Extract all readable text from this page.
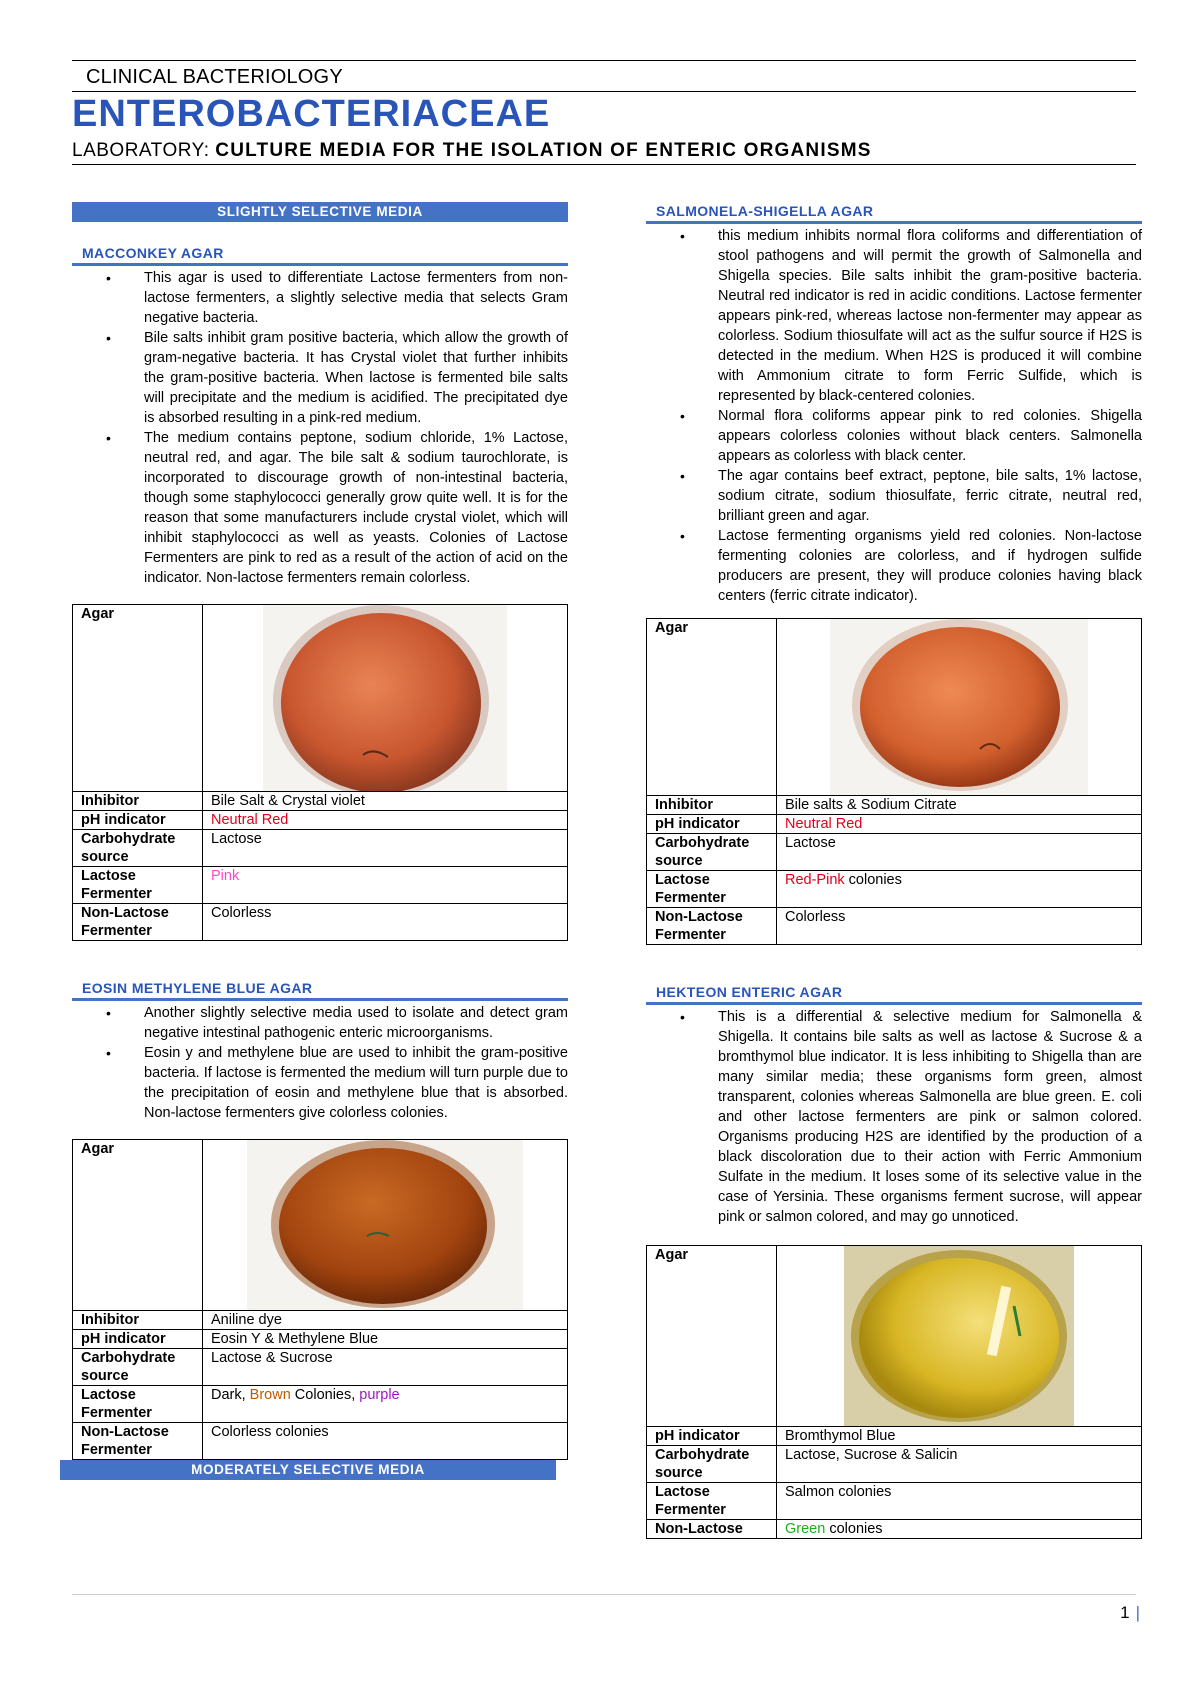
CLINICAL BACTERIOLOGY
ENTEROBACTERIACEAE
LABORATORY: CULTURE MEDIA FOR THE ISOLATION OF ENTERIC ORGANISMS
SLIGHTLY SELECTIVE MEDIA
MACCONKEY AGAR
• This agar is used to differentiate Lactose fermenters from non-lactose fermenters, a slightly selective media that selects Gram negative bacteria.
• Bile salts inhibit gram positive bacteria, which allow the growth of gram-negative bacteria. It has Crystal violet that further inhibits the gram-positive bacteria. When lactose is fermented bile salts will precipitate and the medium is acidified. The precipitated dye is absorbed resulting in a pink-red medium.
• The medium contains peptone, sodium chloride, 1% Lactose, neutral red, and agar. The bile salt & sodium taurochlorate, is incorporated to discourage growth of non-intestinal bacteria, though some staphylococci generally grow quite well. It is for the reason that some manufacturers include crystal violet, which will inhibit staphylococci as well as yeasts. Colonies of Lactose Fermenters are pink to red as a result of the action of acid on the indicator. Non-lactose fermenters remain colorless.
Agar	

Inhibitor	Bile Salt & Crystal violet
pH indicator	Neutral Red
Carbohydrate source	Lactose
Lactose Fermenter	Pink
Non-Lactose Fermenter	Colorless
EOSIN METHYLENE BLUE AGAR
• Another slightly selective media used to isolate and detect gram negative intestinal pathogenic enteric microorganisms.
• Eosin y and methylene blue are used to inhibit the gram-positive bacteria. If lactose is fermented the medium will turn purple due to the precipitation of eosin and methylene blue that is absorbed. Non-lactose fermenters give colorless colonies.
Agar	

Inhibitor	Aniline dye
pH indicator	Eosin Y & Methylene Blue
Carbohydrate source	Lactose & Sucrose
Lactose Fermenter	Dark, Brown Colonies, purple
Non-Lactose Fermenter	Colorless colonies
MODERATELY SELECTIVE MEDIA
SALMONELA-SHIGELLA AGAR
• this medium inhibits normal flora coliforms and differentiation of stool pathogens and will permit the growth of Salmonella and Shigella species. Bile salts inhibit the gram-positive bacteria. Neutral red indicator is red in acidic conditions. Lactose fermenter appears pink-red, whereas lactose non-fermenter may appear as colorless. Sodium thiosulfate will act as the sulfur source if H2S is detected in the medium. When H2S is produced it will combine with Ammonium citrate to form Ferric Sulfide, which is represented by black-centered colonies.
• Normal flora coliforms appear pink to red colonies. Shigella appears colorless colonies without black centers. Salmonella appears as colorless with black center.
• The agar contains beef extract, peptone, bile salts, 1% lactose, sodium citrate, sodium thiosulfate, ferric citrate, neutral red, brilliant green and agar.
• Lactose fermenting organisms yield red colonies. Non-lactose fermenting colonies are colorless, and if hydrogen sulfide producers are present, they will produce colonies having black centers (ferric citrate indicator).
Agar	

Inhibitor	Bile salts & Sodium Citrate
pH indicator	Neutral Red
Carbohydrate source	Lactose
Lactose Fermenter	Red-Pink colonies
Non-Lactose Fermenter	Colorless
HEKTEON ENTERIC AGAR
• This is a differential & selective medium for Salmonella & Shigella. It contains bile salts as well as lactose & Sucrose & a bromthymol blue indicator. It is less inhibiting to Shigella than are many similar media; these organisms form green, almost transparent, colonies whereas Salmonella are blue green. E. coli and other lactose fermenters are pink or salmon colored. Organisms producing H2S are identified by the production of a black discoloration due to their action with Ferric Ammonium Sulfate in the medium. It loses some of its selective value in the case of Yersinia. These organisms ferment sucrose, will appear pink or salmon colored, and may go unnoticed.
Agar	

pH indicator	Bromthymol Blue
Carbohydrate source	Lactose, Sucrose & Salicin
Lactose Fermenter	Salmon colonies
Non-Lactose	Green colonies
1 |
